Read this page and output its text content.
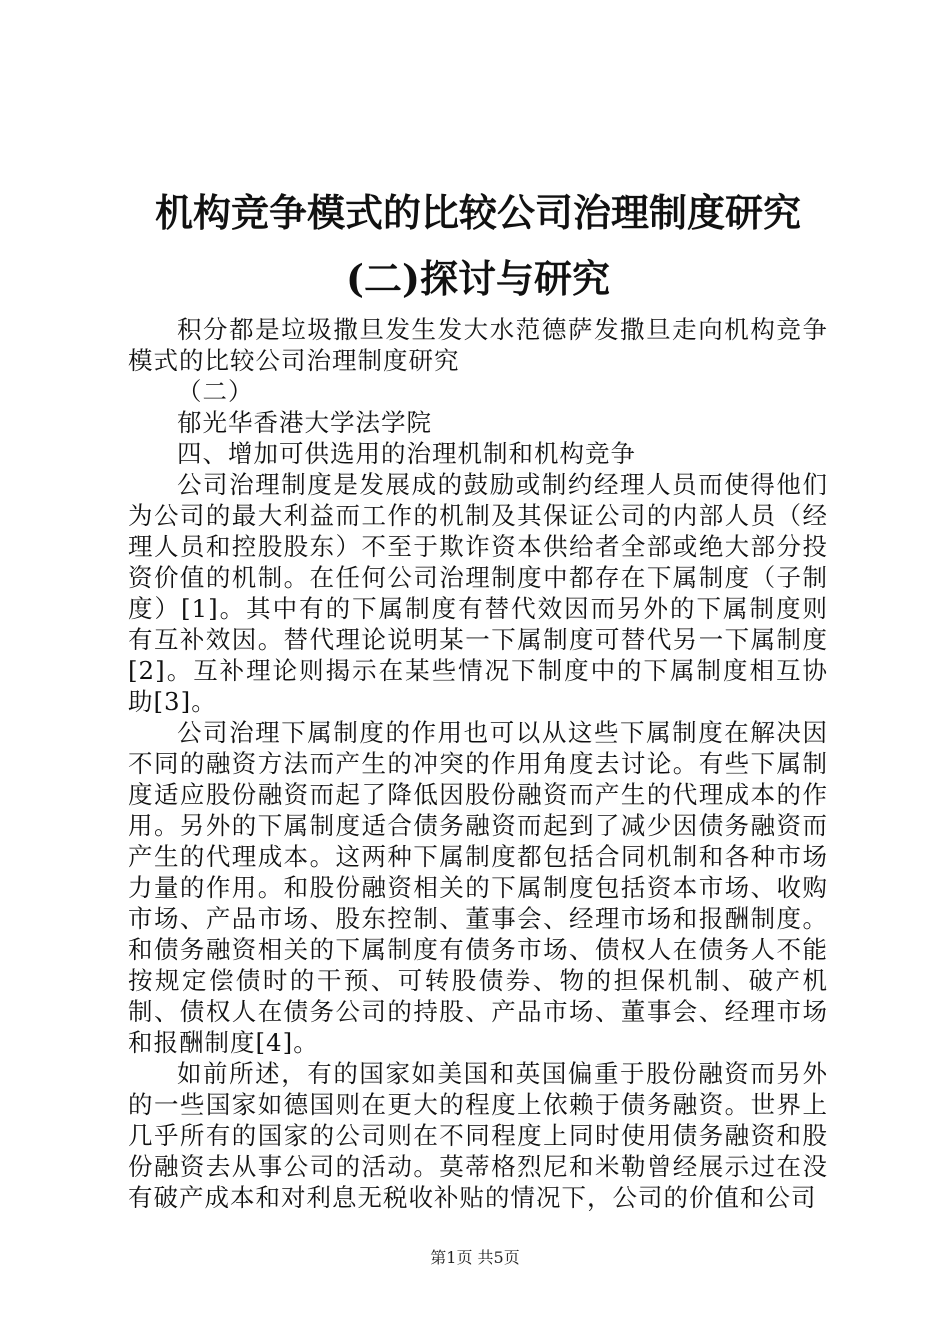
机构竞争模式的比较公司治理制度研究(二)探讨与研究

积分都是垃圾撒旦发生发大水范德萨发撒旦走向机构竞争模式的比较公司治理制度研究

（二）

郁光华香港大学法学院

四、增加可供选用的治理机制和机构竞争

公司治理制度是发展成的鼓励或制约经理人员而使得他们为公司的最大利益而工作的机制及其保证公司的内部人员（经理人员和控股股东）不至于欺诈资本供给者全部或绝大部分投资价值的机制。在任何公司治理制度中都存在下属制度（子制度）[1]。其中有的下属制度有替代效因而另外的下属制度则有互补效因。替代理论说明某一下属制度可替代另一下属制度[2]。互补理论则揭示在某些情况下制度中的下属制度相互协助[3]。

公司治理下属制度的作用也可以从这些下属制度在解决因不同的融资方法而产生的冲突的作用角度去讨论。有些下属制度适应股份融资而起了降低因股份融资而产生的代理成本的作用。另外的下属制度适合债务融资而起到了减少因债务融资而产生的代理成本。这两种下属制度都包括合同机制和各种市场力量的作用。和股份融资相关的下属制度包括资本市场、收购市场、产品市场、股东控制、董事会、经理市场和报酬制度。和债务融资相关的下属制度有债务市场、债权人在债务人不能按规定偿债时的干预、可转股债券、物的担保机制、破产机制、债权人在债务公司的持股、产品市场、董事会、经理市场和报酬制度[4]。

如前所述，有的国家如美国和英国偏重于股份融资而另外的一些国家如德国则在更大的程度上依赖于债务融资。世界上几乎所有的国家的公司则在不同程度上同时使用债务融资和股份融资去从事公司的活动。莫蒂格烈尼和米勒曾经展示过在没有破产成本和对利息无税收补贴的情况下，公司的价值和公司

第1页 共5页
